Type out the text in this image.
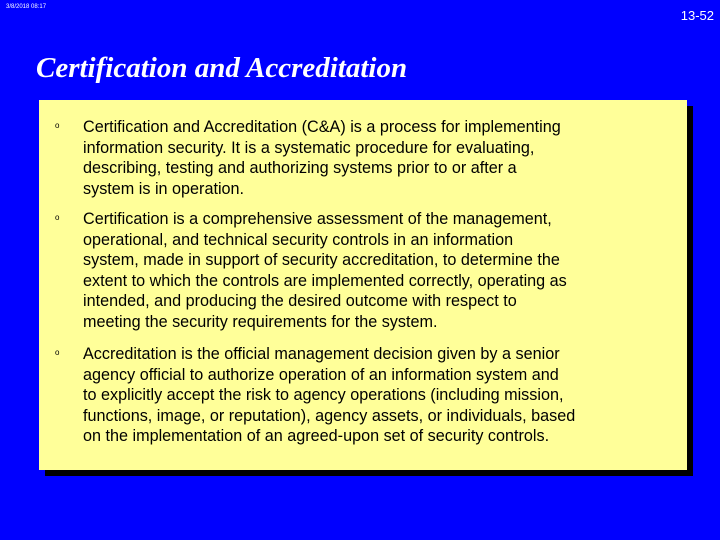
3/8/2018 08:17
13-52
Certification and Accreditation
o Certification and Accreditation (C&A) is a process for implementing
information security. It is a systematic procedure for evaluating,
describing, testing and authorizing systems prior to or after a
system is in operation.
o Certification is a comprehensive assessment of the management,
operational, and technical security controls in an information
system, made in support of security accreditation, to determine the
extent to which the controls are implemented correctly, operating as
intended, and producing the desired outcome with respect to
meeting the security requirements for the system.
o Accreditation is the official management decision given by a senior
agency official to authorize operation of an information system and
to explicitly accept the risk to agency operations (including mission,
functions, image, or reputation), agency assets, or individuals, based
on the implementation of an agreed-upon set of security controls.
